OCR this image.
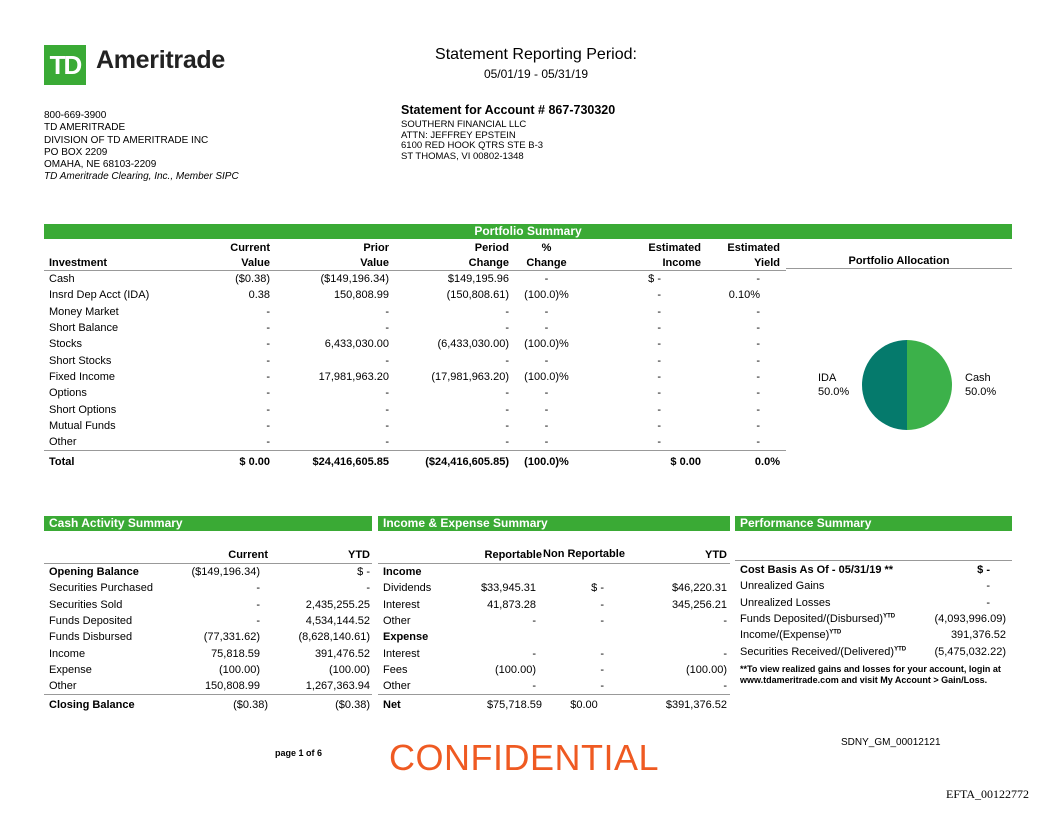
TD Ameritrade	Statement Reporting Period:
05/01/19 - 05/31/19
800-669-3900
TD AMERITRADE
DIVISION OF TD AMERITRADE INC
PO BOX 2209
OMAHA, NE 68103-2209
TD Ameritrade Clearing, Inc., Member SIPC
Statement for Account # 867-730320
SOUTHERN FINANCIAL LLC
ATTN: JEFFREY EPSTEIN
6100 RED HOOK QTRS STE B-3
ST THOMAS, VI 00802-1348
Portfolio Summary
	Current	Prior	Period	%	Estimated	Estimated
Investment	Value	Value	Change	Change	Income	Yield
Cash	($0.38)	($149,196.34)	$149,195.96	-	$ -	-
Insrd Dep Acct (IDA)	0.38	150,808.99	(150,808.61)	(100.0)%	-	0.10%
Money Market	-	-	-	-	-	-
Short Balance	-	-	-	-	-	-
Stocks	-	6,433,030.00	(6,433,030.00)	(100.0)%	-	-
Short Stocks	-	-	-	-	-	-
Fixed Income	-	17,981,963.20	(17,981,963.20)	(100.0)%	-	-
Options	-	-	-	-	-	-
Short Options	-	-	-	-	-	-
Mutual Funds	-	-	-	-	-	-
Other	-	-	-	-	-	-
Total	$ 0.00	$24,416,605.85	($24,416,605.85)	(100.0)%	$ 0.00	0.0%
Portfolio Allocation
IDA
50.0%
Cash
50.0%
Cash Activity Summary
	Current	YTD
Opening Balance	($149,196.34)	$ -
Securities Purchased	-	-
Securities Sold	-	2,435,255.25
Funds Deposited	-	4,534,144.52
Funds Disbursed	(77,331.62)	(8,628,140.61)
Income	75,818.59	391,476.52
Expense	(100.00)	(100.00)
Other	150,808.99	1,267,363.94
Closing Balance	($0.38)	($0.38)
Income & Expense Summary
	Reportable	Non Reportable	YTD
Income			
Dividends	$33,945.31	$ -	$46,220.31
Interest	41,873.28	-	345,256.21
Other	-	-	-
Expense			
Interest	-	-	-
Fees	(100.00)	-	(100.00)
Other	-	-	-
Net	$75,718.59	$0.00	$391,376.52
Performance Summary
Cost Basis As Of - 05/31/19 **	$ -
Unrealized Gains	-
Unrealized Losses	-
Funds Deposited/(Disbursed)$^{YTD}$	(4,093,996.09)
Income/(Expense)$^{YTD}$	391,376.52
Securities Received/(Delivered)$^{YTD}$	(5,475,032.22)
**To view realized gains and losses for your account, login at www.tdameritrade.com and visit My Account > Gain/Loss.
page 1 of 6 CONFIDENTIAL	SDNY_GM_00012121
EFTA_00122772
